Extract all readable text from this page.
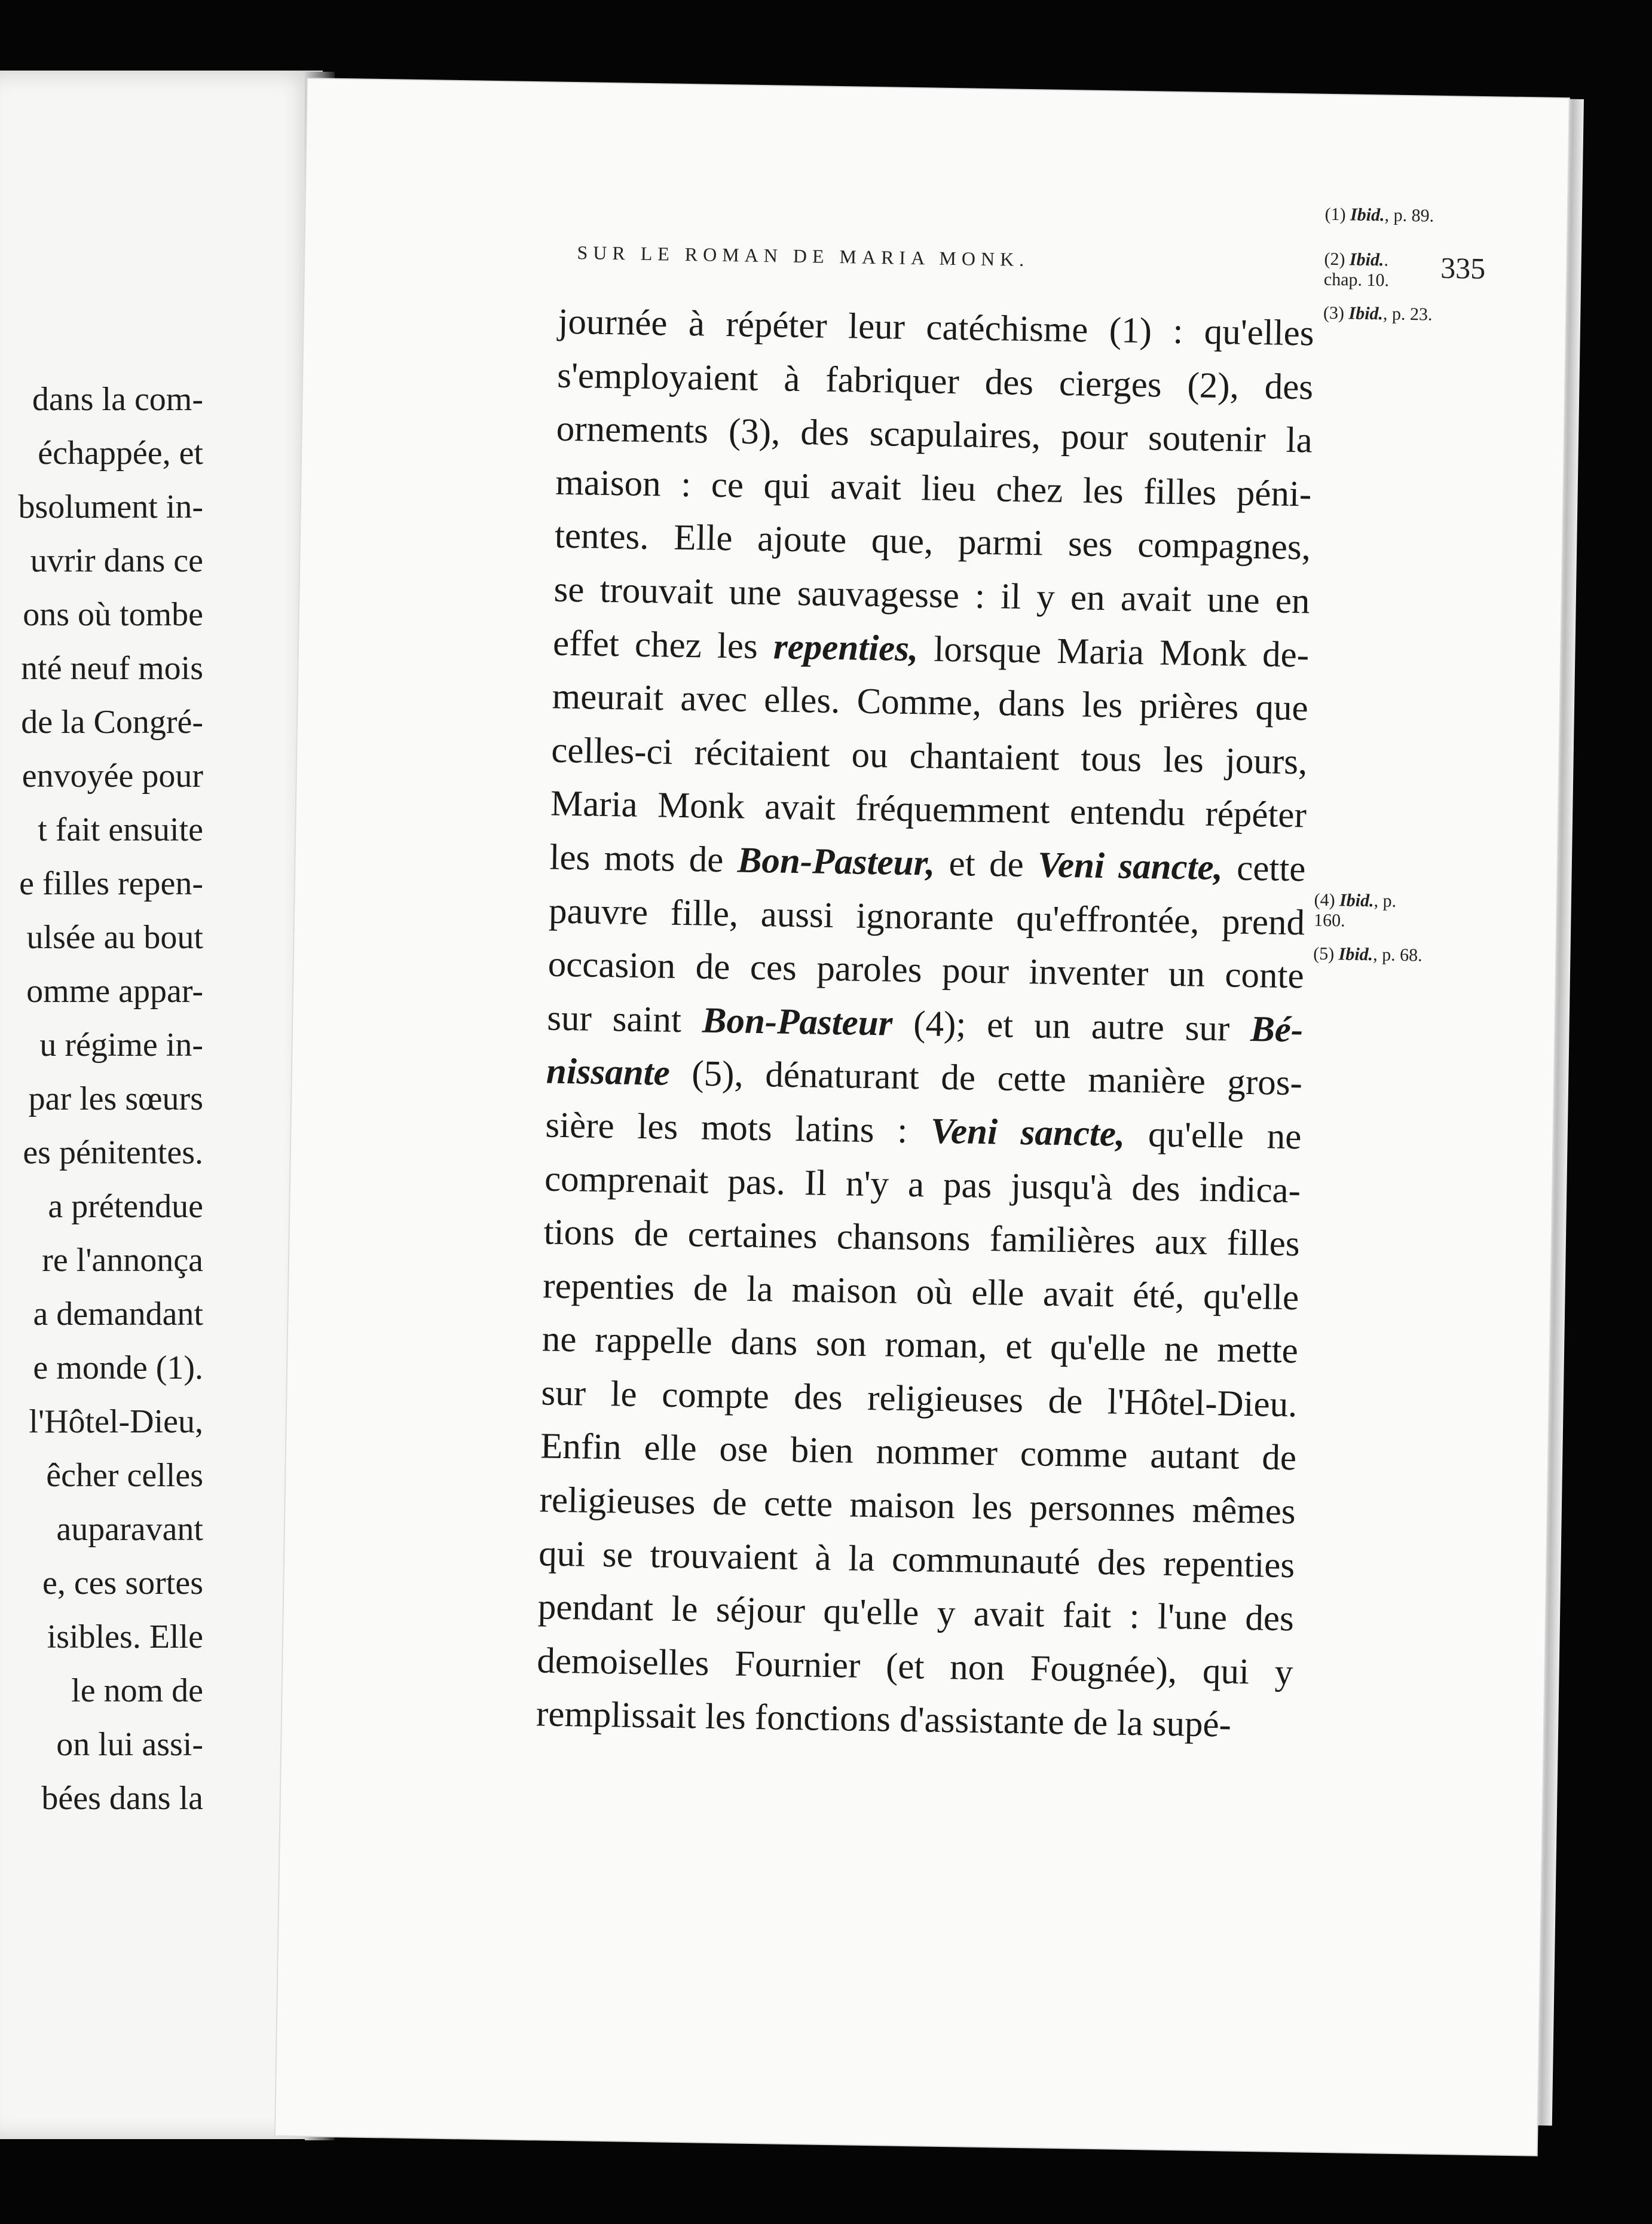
dans la com-
échappée, et
bsolument in-
uvrir dans ce
ons où tombe
nté neuf mois
de la Congré-
envoyée pour
t fait ensuite
e filles repen-
ulsée au bout
omme appar-
u régime in-
par les sœurs
es pénitentes.
a prétendue
re l'annonça
a demandant
e monde (1).
l'Hôtel-Dieu,
êcher celles
auparavant
e, ces sortes
isibles. Elle
le nom de
on lui assi-
bées dans la
SUR LE ROMAN DE MARIA MONK.	335
journée à répéter leur catéchisme (1) : qu'elles
s'employaient à fabriquer des cierges (2), des
ornements (3), des scapulaires, pour soutenir la
maison : ce qui avait lieu chez les filles péni-
tentes. Elle ajoute que, parmi ses compagnes,
se trouvait une sauvagesse : il y en avait une en
effet chez les repenties, lorsque Maria Monk de-
meurait avec elles. Comme, dans les prières que
celles-ci récitaient ou chantaient tous les jours,
Maria Monk avait fréquemment entendu répéter
les mots de Bon-Pasteur, et de Veni sancte, cette
pauvre fille, aussi ignorante qu'effrontée, prend
occasion de ces paroles pour inventer un conte
sur saint Bon-Pasteur (4); et un autre sur Bé-
nissante (5), dénaturant de cette manière gros-
sière les mots latins : Veni sancte, qu'elle ne
comprenait pas. Il n'y a pas jusqu'à des indica-
tions de certaines chansons familières aux filles
repenties de la maison où elle avait été, qu'elle
ne rappelle dans son roman, et qu'elle ne mette
sur le compte des religieuses de l'Hôtel-Dieu.
Enfin elle ose bien nommer comme autant de
religieuses de cette maison les personnes mêmes
qui se trouvaient à la communauté des repenties
pendant le séjour qu'elle y avait fait : l'une des
demoiselles Fournier (et non Fougnée), qui y
remplissait les fonctions d'assistante de la supé-
(1) Ibid., p. 89.
(2) Ibid..
chap. 10.
(3) Ibid., p. 23.
(4) Ibid., p.
160.
(5) Ibid., p. 68.
